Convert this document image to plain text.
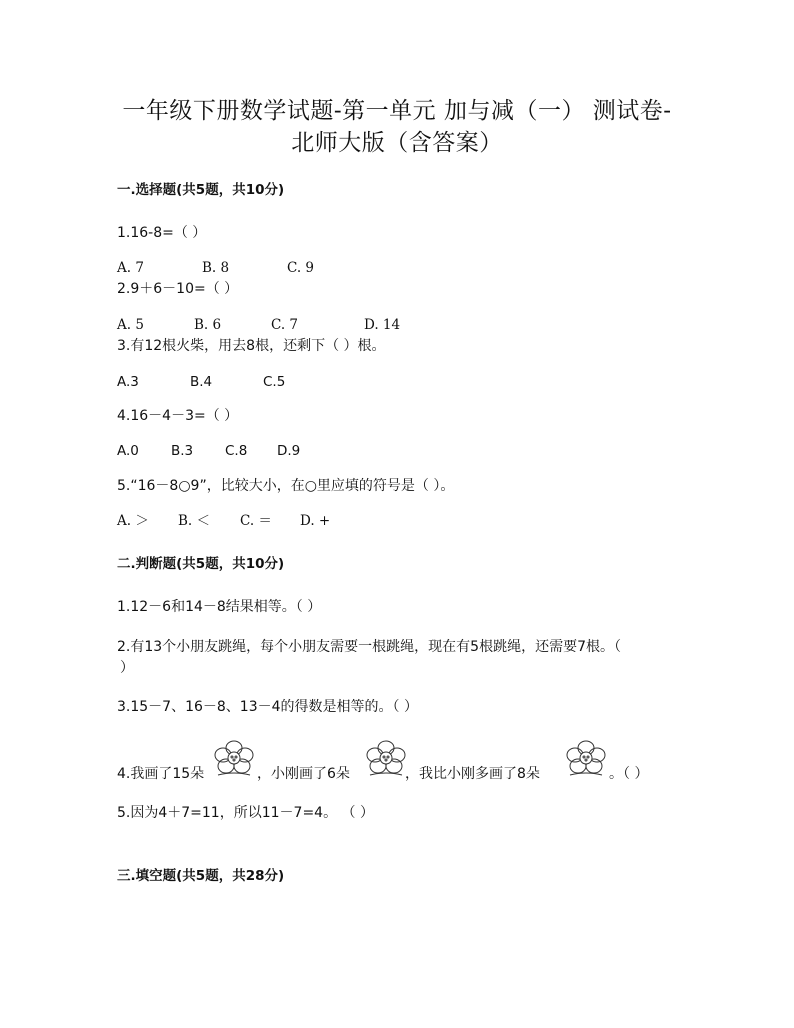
一年级下册数学试题-第一单元 加与减（一） 测试卷-
北师大版（含答案）
一.选择题(共5题，共10分)
1.16-8=（ ）
A. 7	B. 8	C. 9
2.9＋6－10=（ ）
A. 5	B. 6	C. 7	D. 14
3.有12根火柴，用去8根，还剩下（ ）根。
A.3	B.4	C.5
4.16－4－3=（ ）
A.0 B.3 C.8 D.9
5.“16－8○9”，比较大小，在○里应填的符号是（ ）。
A. ＞ B. ＜ C. ＝ D. +
二.判断题(共5题，共10分)
1.12－6和14－8结果相等。（ ）
2.有13个小朋友跳绳，每个小朋友需要一根跳绳，现在有5根跳绳，还需要7根。（
）
3.15－7、16－8、13－4的得数是相等的。（ ）
4.我画了15朵	，小刚画了6朵	，我比小刚多画了8朵	。（ ）
5.因为4＋7=11，所以11－7=4。 （ ）
三.填空题(共5题，共28分)
